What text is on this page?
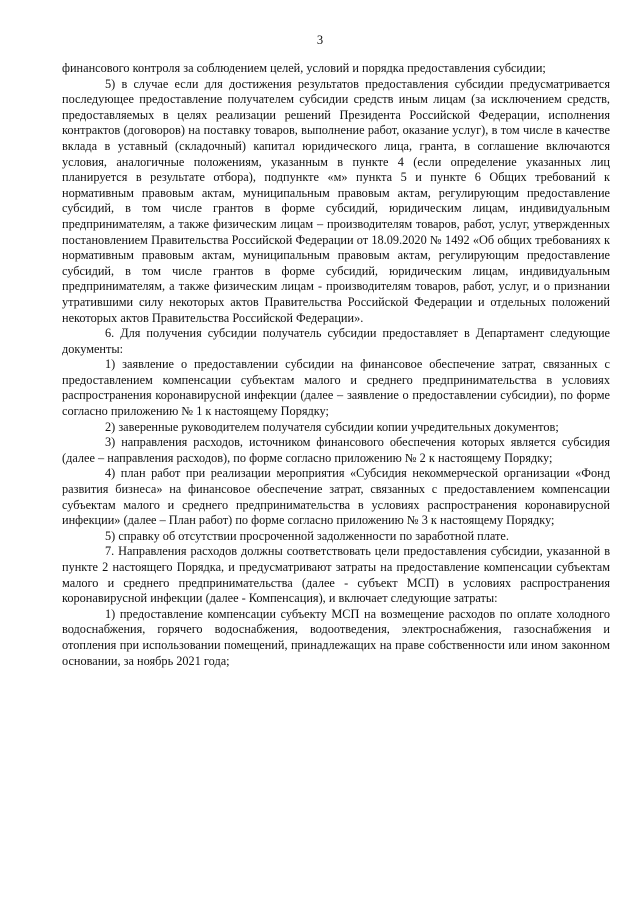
3

финансового контроля за соблюдением целей, условий и порядка предоставления субсидии;

5) в случае если для достижения результатов предоставления субсидии предусматривается последующее предоставление получателем субсидии средств иным лицам (за исключением средств, предоставляемых в целях реализации решений Президента Российской Федерации, исполнения контрактов (договоров) на поставку товаров, выполнение работ, оказание услуг), в том числе в качестве вклада в уставный (складочный) капитал юридического лица, гранта, в соглашение включаются условия, аналогичные положениям, указанным в пункте 4 (если определение указанных лиц планируется в результате отбора), подпункте «м» пункта 5 и пункте 6 Общих требований к нормативным правовым актам, муниципальным правовым актам, регулирующим предоставление субсидий, в том числе грантов в форме субсидий, юридическим лицам, индивидуальным предпринимателям, а также физическим лицам – производителям товаров, работ, услуг, утвержденных постановлением Правительства Российской Федерации от 18.09.2020 № 1492 «Об общих требованиях к нормативным правовым актам, муниципальным правовым актам, регулирующим предоставление субсидий, в том числе грантов в форме субсидий, юридическим лицам, индивидуальным предпринимателям, а также физическим лицам - производителям товаров, работ, услуг, и о признании утратившими силу некоторых актов Правительства Российской Федерации и отдельных положений некоторых актов Правительства Российской Федерации».

6. Для получения субсидии получатель субсидии предоставляет в Департамент следующие документы:

1) заявление о предоставлении субсидии на финансовое обеспечение затрат, связанных с предоставлением компенсации субъектам малого и среднего предпринимательства в условиях распространения коронавирусной инфекции (далее – заявление о предоставлении субсидии), по форме согласно приложению № 1 к настоящему Порядку;

2) заверенные руководителем получателя субсидии копии учредительных документов;

3) направления расходов, источником финансового обеспечения которых является субсидия (далее – направления расходов), по форме согласно приложению № 2 к настоящему Порядку;

4) план работ при реализации мероприятия «Субсидия некоммерческой организации «Фонд развития бизнеса» на финансовое обеспечение затрат, связанных с предоставлением компенсации субъектам малого и среднего предпринимательства в условиях распространения коронавирусной инфекции» (далее – План работ) по форме согласно приложению № 3 к настоящему Порядку;

5) справку об отсутствии просроченной задолженности по заработной плате.

7. Направления расходов должны соответствовать цели предоставления субсидии, указанной в пункте 2 настоящего Порядка, и предусматривают затраты на предоставление компенсации субъектам малого и среднего предпринимательства (далее - субъект МСП) в условиях распространения коронавирусной инфекции (далее - Компенсация), и включает следующие затраты:

1) предоставление компенсации субъекту МСП на возмещение расходов по оплате холодного водоснабжения, горячего водоснабжения, водоотведения, электроснабжения, газоснабжения и отопления при использовании помещений, принадлежащих на праве собственности или ином законном основании, за ноябрь 2021 года;
